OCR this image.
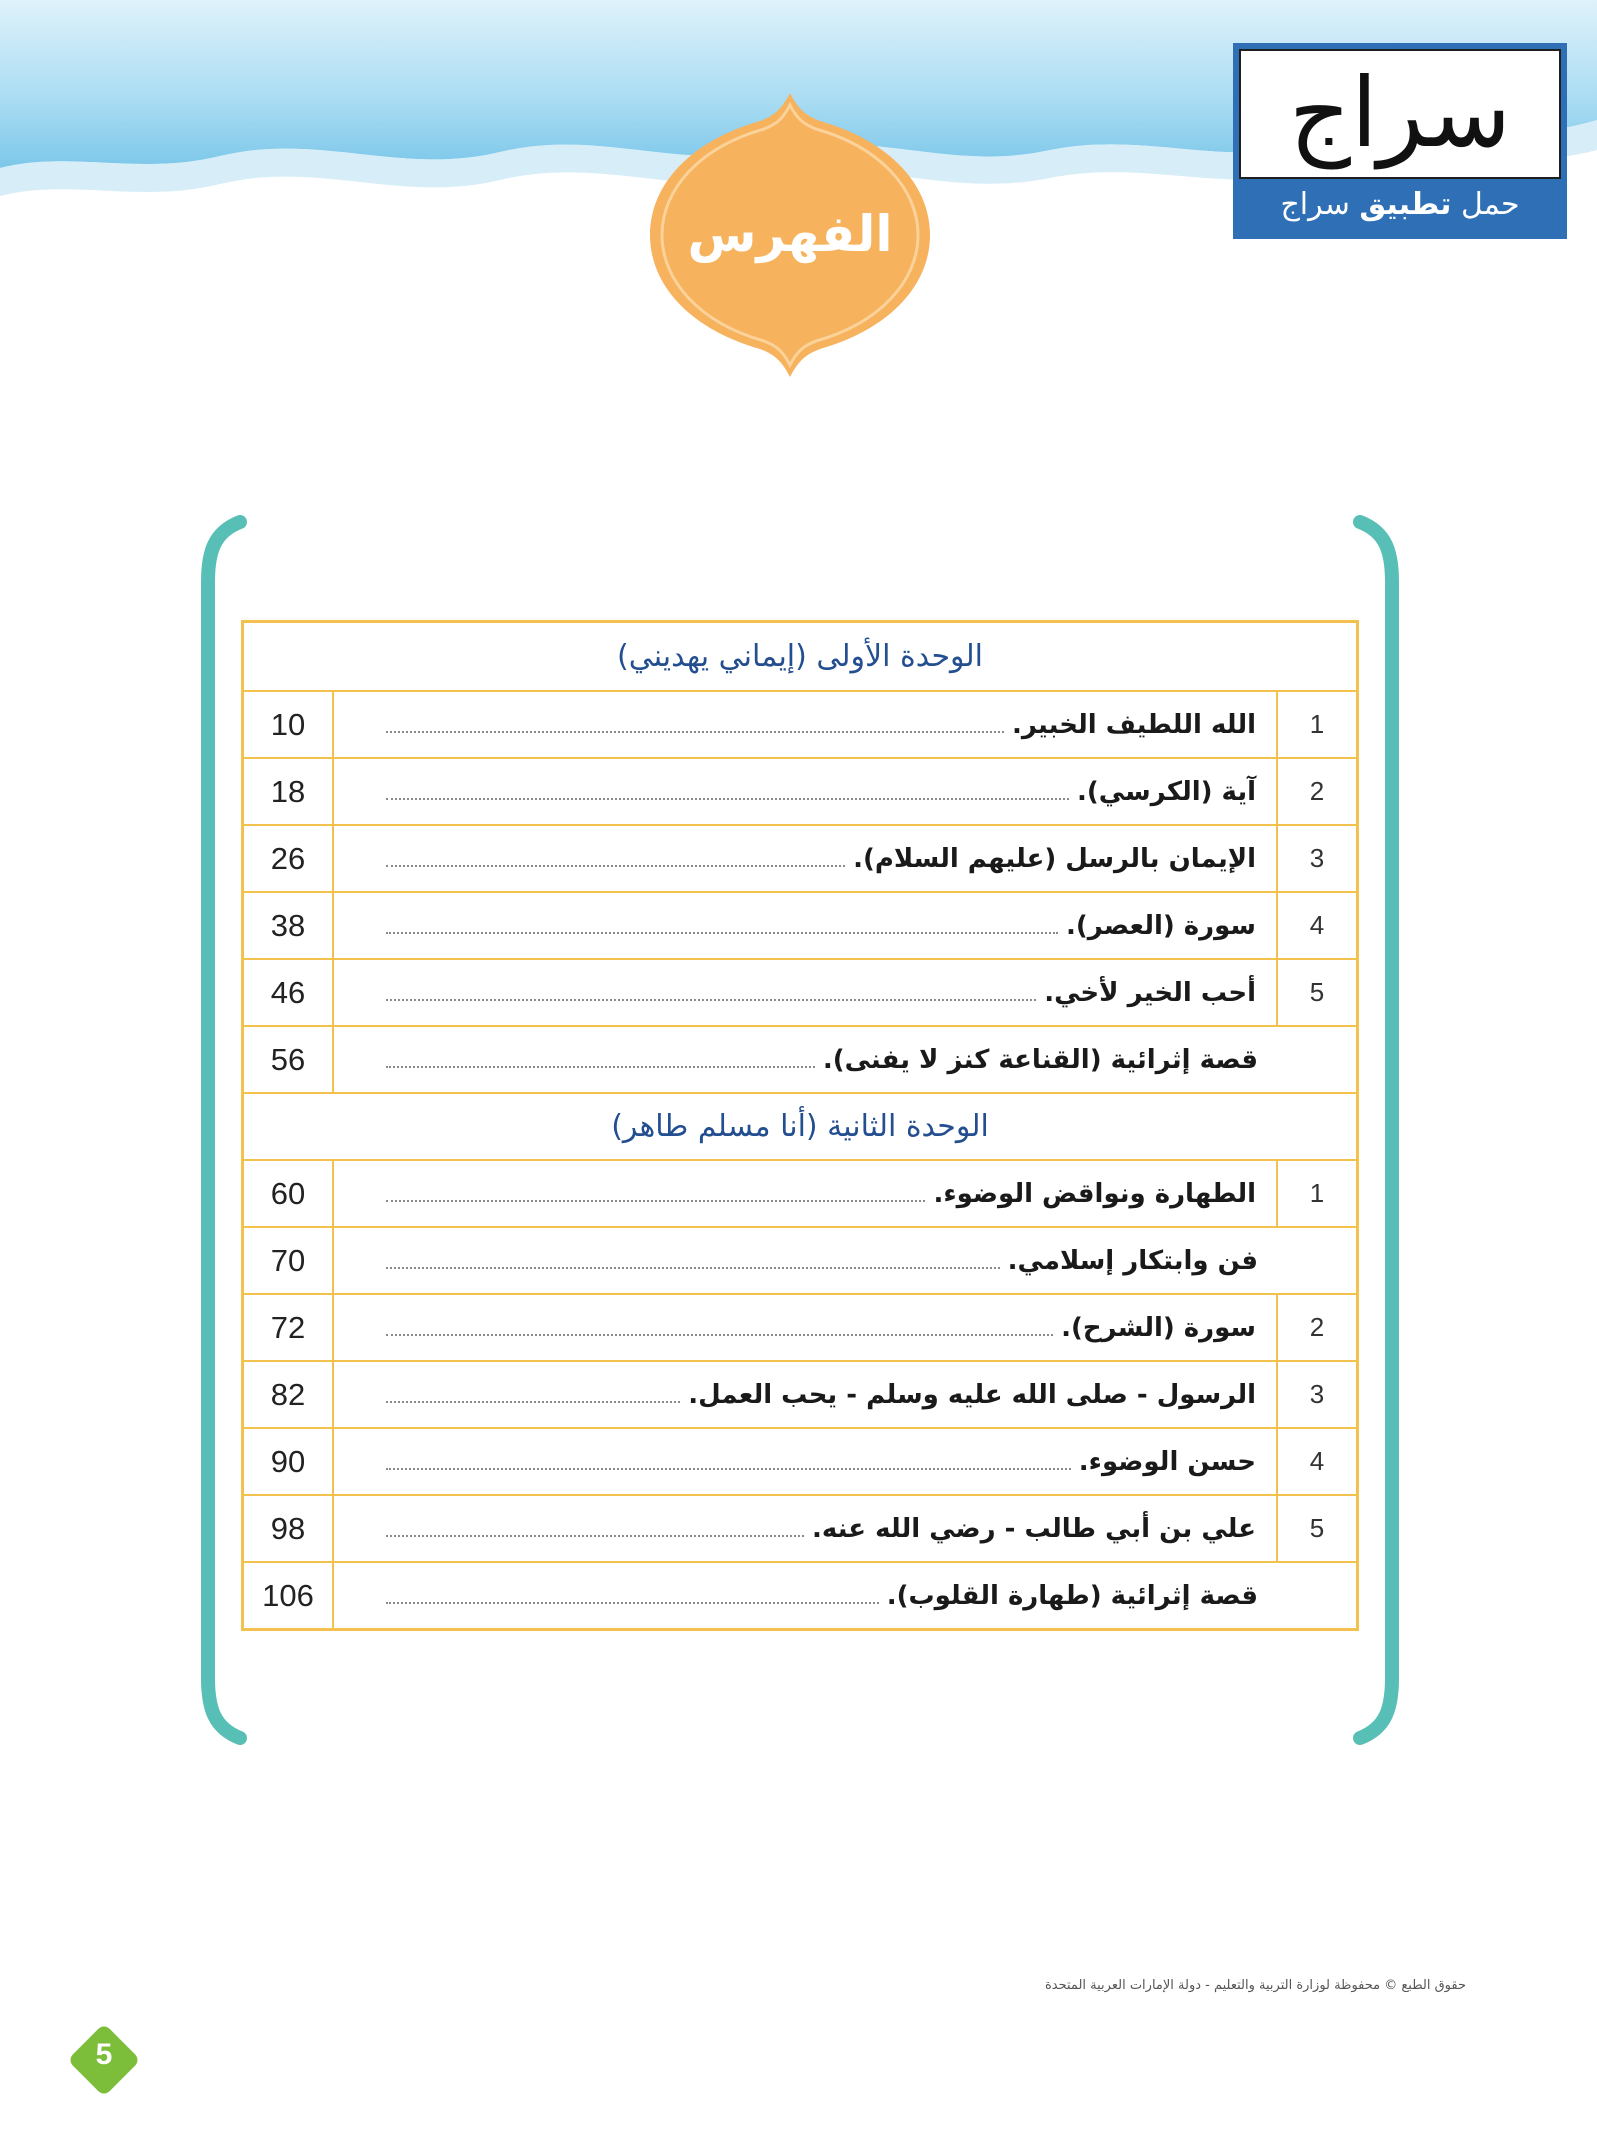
الفهرس
سراج
حمل تطبيق سراج
الوحدة الأولى (إيماني يهديني)
1
الله اللطيف الخبير.
10
2
آية (الكرسي).
18
3
الإيمان بالرسل (عليهم السلام).
26
4
سورة (العصر).
38
5
أحب الخير لأخي.
46
قصة إثرائية (القناعة كنز لا يفنى).
56
الوحدة الثانية (أنا مسلم طاهر)
1
الطهارة ونواقض الوضوء.
60
فن وابتكار إسلامي.
70
2
سورة (الشرح).
72
3
الرسول - صلى الله عليه وسلم - يحب العمل.
82
4
حسن الوضوء.
90
5
علي بن أبي طالب - رضي الله عنه.
98
قصة إثرائية (طهارة القلوب).
106
حقوق الطبع © محفوظة لوزارة التربية والتعليم - دولة الإمارات العربية المتحدة
5
